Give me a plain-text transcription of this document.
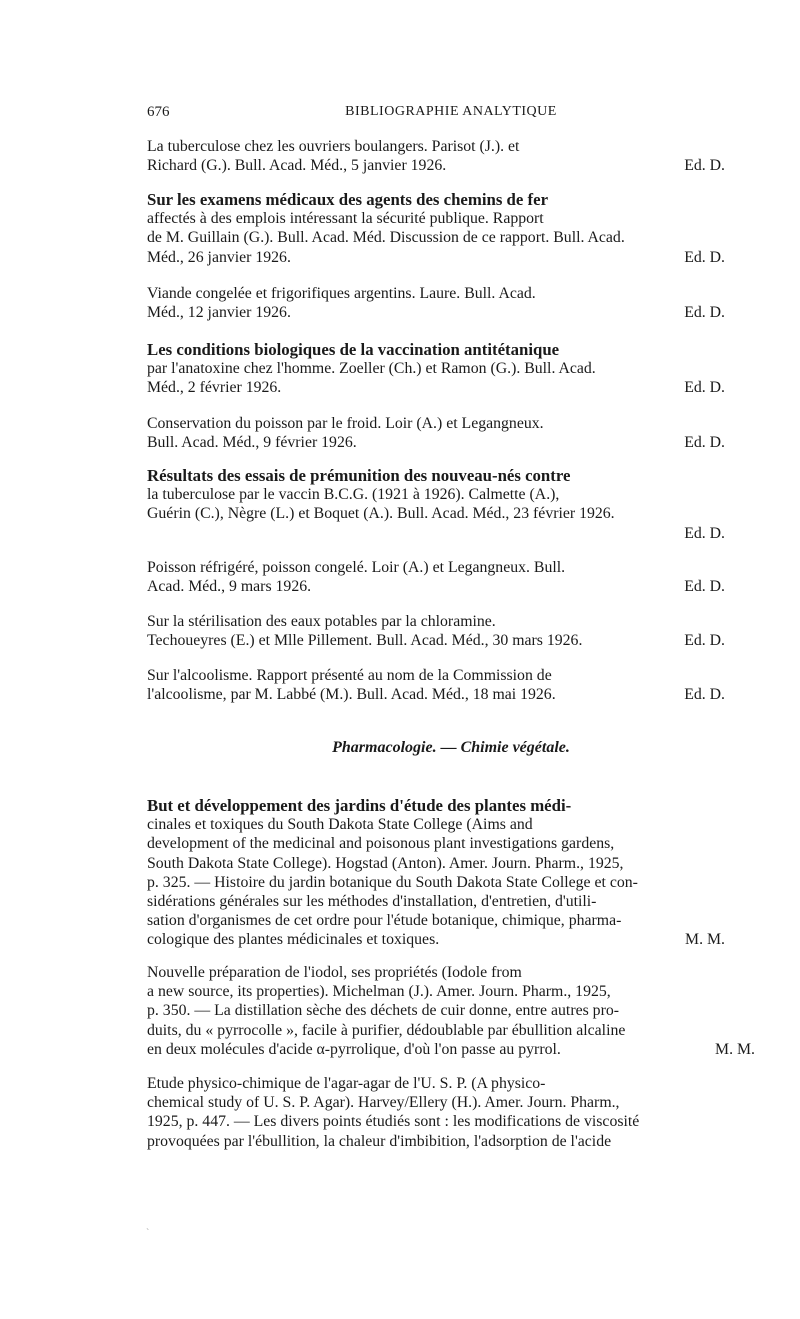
676	BIBLIOGRAPHIE ANALYTIQUE
La tuberculose chez les ouvriers boulangers. Parisot (J.). et
Richard (G.). Bull. Acad. Méd., 5 janvier 1926.	Ed. D.
Sur les examens médicaux des agents des chemins de fer
affectés à des emplois intéressant la sécurité publique. Rapport
de M. Guillain (G.). Bull. Acad. Méd. Discussion de ce rapport. Bull. Acad.
Méd., 26 janvier 1926.	Ed. D.
Viande congelée et frigorifiques argentins. Laure. Bull. Acad.
Méd., 12 janvier 1926.	Ed. D.
Les conditions biologiques de la vaccination antitétanique
par l'anatoxine chez l'homme. Zoeller (Ch.) et Ramon (G.). Bull. Acad.
Méd., 2 février 1926.	Ed. D.
Conservation du poisson par le froid. Loir (A.) et Legangneux.
Bull. Acad. Méd., 9 février 1926.	Ed. D.
Résultats des essais de prémunition des nouveau-nés contre
la tuberculose par le vaccin B.C.G. (1921 à 1926). Calmette (A.),
Guérin (C.), Nègre (L.) et Boquet (A.). Bull. Acad. Méd., 23 février 1926.
Ed. D.

Poisson réfrigéré, poisson congelé. Loir (A.) et Legangneux. Bull.
Acad. Méd., 9 mars 1926.	Ed. D.
Sur la stérilisation des eaux potables par la chloramine.
Techoueyres (E.) et Mlle Pillement. Bull. Acad. Méd., 30 mars 1926.	Ed. D.
Sur l'alcoolisme. Rapport présenté au nom de la Commission de
l'alcoolisme, par M. Labbé (M.). Bull. Acad. Méd., 18 mai 1926.	Ed. D.
Pharmacologie. — Chimie végétale.
But et développement des jardins d'étude des plantes médi-
cinales et toxiques du South Dakota State College (Aims and
development of the medicinal and poisonous plant investigations gardens,
South Dakota State College). Hogstad (Anton). Amer. Journ. Pharm., 1925,
p. 325. — Histoire du jardin botanique du South Dakota State College et con-
sidérations générales sur les méthodes d'installation, d'entretien, d'utili-
sation d'organismes de cet ordre pour l'étude botanique, chimique, pharma-
cologique des plantes médicinales et toxiques.	M. M.
Nouvelle préparation de l'iodol, ses propriétés (Iodole from
a new source, its properties). Michelman (J.). Amer. Journ. Pharm., 1925,
p. 350. — La distillation sèche des déchets de cuir donne, entre autres pro-
duits, du « pyrrocolle », facile à purifier, dédoublable par ébullition alcaline
en deux molécules d'acide α-pyrrolique, d'où l'on passe au pyrrol.	M. M.
Etude physico-chimique de l'agar-agar de l'U. S. P. (A physico-
chemical study of U. S. P. Agar). Harvey/Ellery (H.). Amer. Journ. Pharm.,
1925, p. 447. — Les divers points étudiés sont : les modifications de viscosité
provoquées par l'ébullition, la chaleur d'imbibition, l'adsorption de l'acide
`
